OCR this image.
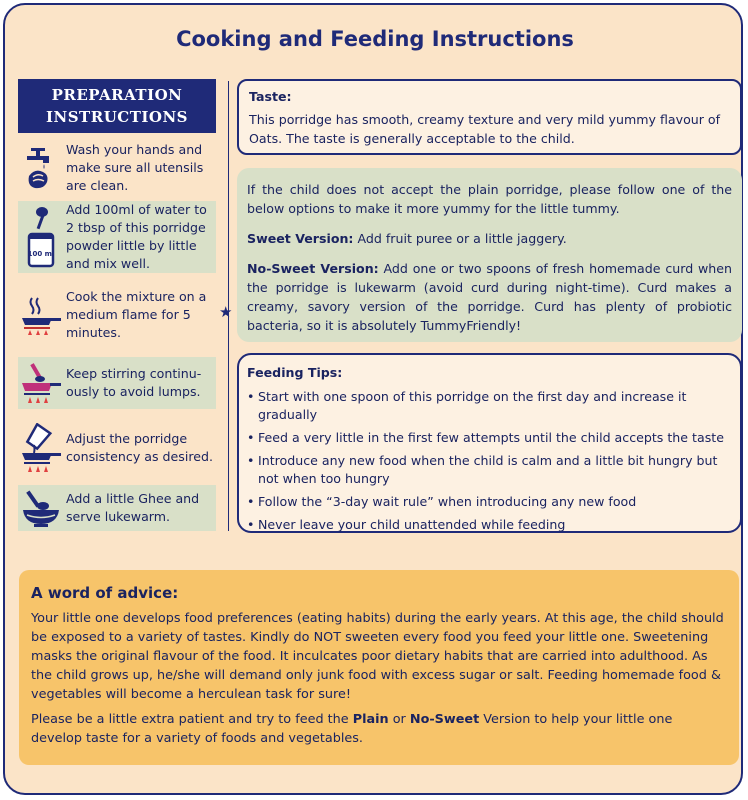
Cooking and Feeding Instructions
PREPARATION
INSTRUCTIONS
Wash your hands and make sure all utensils are clean.
100 ml
Add 100ml of water to 2 tbsp of this porridge powder little by little and mix well.
Cook the mixture on a medium flame for 5 minutes.
Keep stirring continu-ously to avoid lumps.
Adjust the porridge consistency as desired.
Add a little Ghee and serve lukewarm.
★
Taste:
This porridge has smooth, creamy texture and very mild yummy flavour of Oats. The taste is generally acceptable to the child.

If the child does not accept the plain porridge, please follow one of the below options to make it more yummy for the little tummy.

Sweet Version: Add fruit puree or a little jaggery.

No-Sweet Version: Add one or two spoons of fresh homemade curd when the porridge is lukewarm (avoid curd during night-time). Curd makes a creamy, savory version of the porridge. Curd has plenty of probiotic bacteria, so it is absolutely TummyFriendly!

Feeding Tips:
• Start with one spoon of this porridge on the first day and increase it gradually
• Feed a very little in the first few attempts until the child accepts the taste
• Introduce any new food when the child is calm and a little bit hungry but not when too hungry
• Follow the “3-day wait rule” when introducing any new food
• Never leave your child unattended while feeding
A word of advice:

Your little one develops food preferences (eating habits) during the early years. At this age, the child should be exposed to a variety of tastes. Kindly do NOT sweeten every food you feed your little one. Sweetening masks the original flavour of the food. It inculcates poor dietary habits that are carried into adulthood. As the child grows up, he/she will demand only junk food with excess sugar or salt. Feeding homemade food & vegetables will become a herculean task for sure!

Please be a little extra patient and try to feed the Plain or No-Sweet Version to help your little one develop taste for a variety of foods and vegetables.
